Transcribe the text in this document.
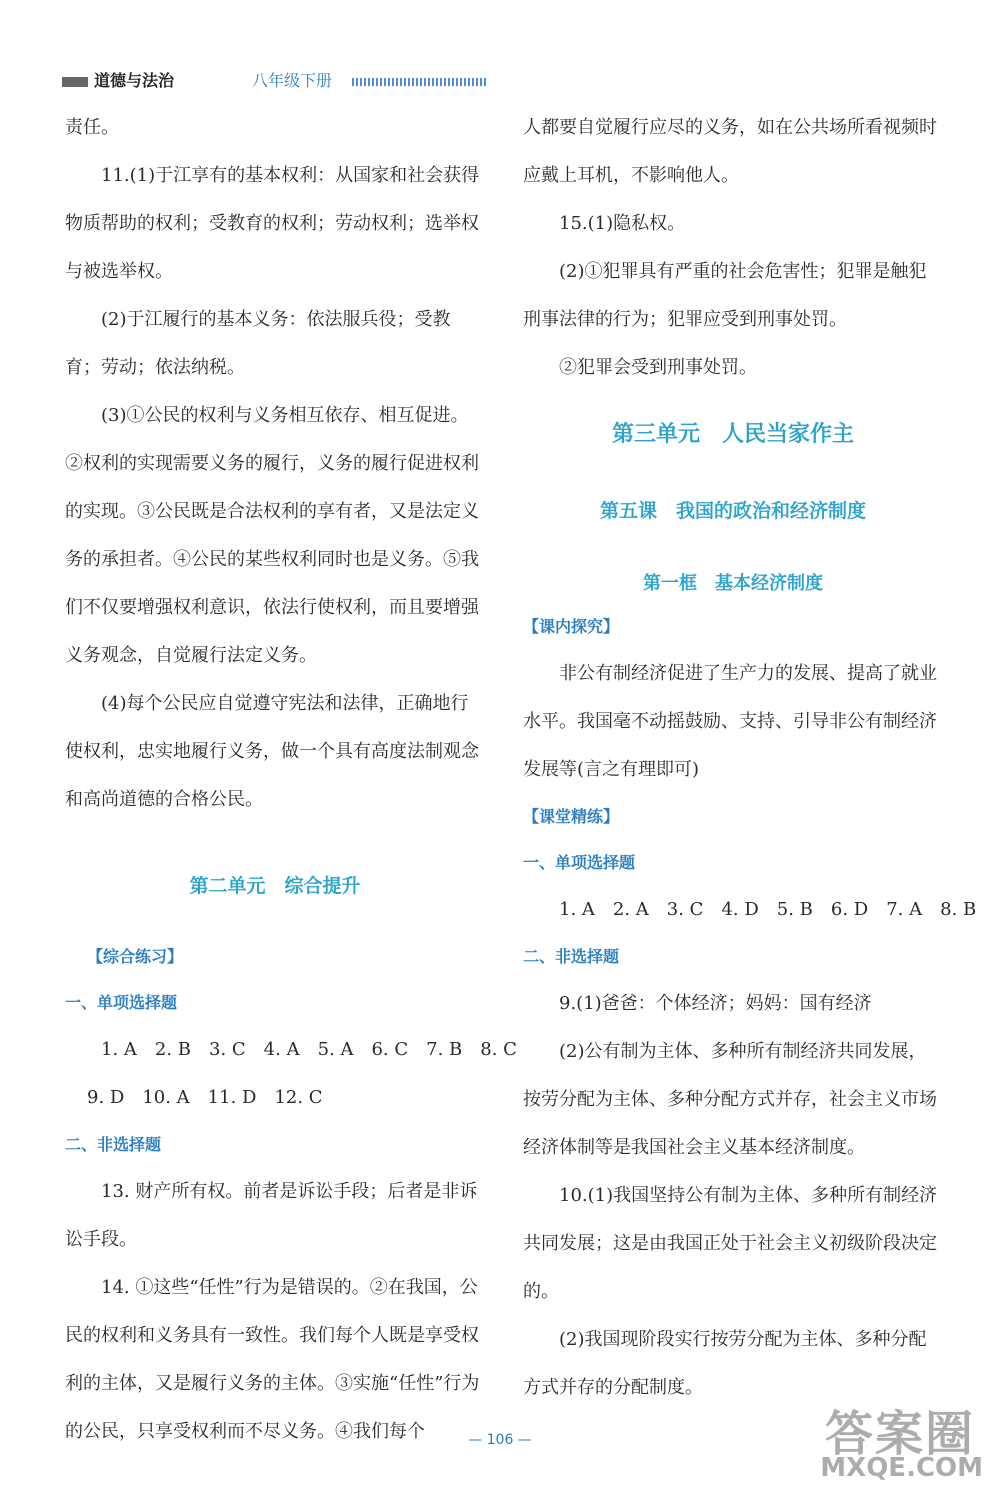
道德与法治	八年级下册

责任。

11.(1)于江享有的基本权利：从国家和社会获得物质帮助的权利；受教育的权利；劳动权利；选举权与被选举权。

(2)于江履行的基本义务：依法服兵役；受教育；劳动；依法纳税。

(3)①公民的权利与义务相互依存、相互促进。②权利的实现需要义务的履行，义务的履行促进权利的实现。③公民既是合法权利的享有者，又是法定义务的承担者。④公民的某些权利同时也是义务。⑤我们不仅要增强权利意识，依法行使权利，而且要增强义务观念，自觉履行法定义务。

(4)每个公民应自觉遵守宪法和法律，正确地行使权利，忠实地履行义务，做一个具有高度法制观念和高尚道德的合格公民。

第二单元　综合提升

【综合练习】

一、单项选择题

1. A　2. B　3. C　4. A　5. A　6. C　7. B　8. C

9. D　10. A　11. D　12. C

二、非选择题

13. 财产所有权。前者是诉讼手段；后者是非诉讼手段。

14. ①这些“任性”行为是错误的。②在我国，公民的权利和义务具有一致性。我们每个人既是享受权利的主体，又是履行义务的主体。③实施“任性”行为的公民，只享受权利而不尽义务。④我们每个

人都要自觉履行应尽的义务，如在公共场所看视频时应戴上耳机，不影响他人。

15.(1)隐私权。

(2)①犯罪具有严重的社会危害性；犯罪是触犯刑事法律的行为；犯罪应受到刑事处罚。

②犯罪会受到刑事处罚。

第三单元　人民当家作主

第五课　我国的政治和经济制度

第一框　基本经济制度

【课内探究】

非公有制经济促进了生产力的发展、提高了就业水平。我国毫不动摇鼓励、支持、引导非公有制经济发展等(言之有理即可)

【课堂精练】

一、单项选择题

1. A　2. A　3. C　4. D　5. B　6. D　7. A　8. B

二、非选择题

9.(1)爸爸：个体经济；妈妈：国有经济

(2)公有制为主体、多种所有制经济共同发展，按劳分配为主体、多种分配方式并存，社会主义市场经济体制等是我国社会主义基本经济制度。

10.(1)我国坚持公有制为主体、多种所有制经济共同发展；这是由我国正处于社会主义初级阶段决定的。

(2)我国现阶段实行按劳分配为主体、多种分配方式并存的分配制度。

— 106 —	答案圈
MXQE.COM
